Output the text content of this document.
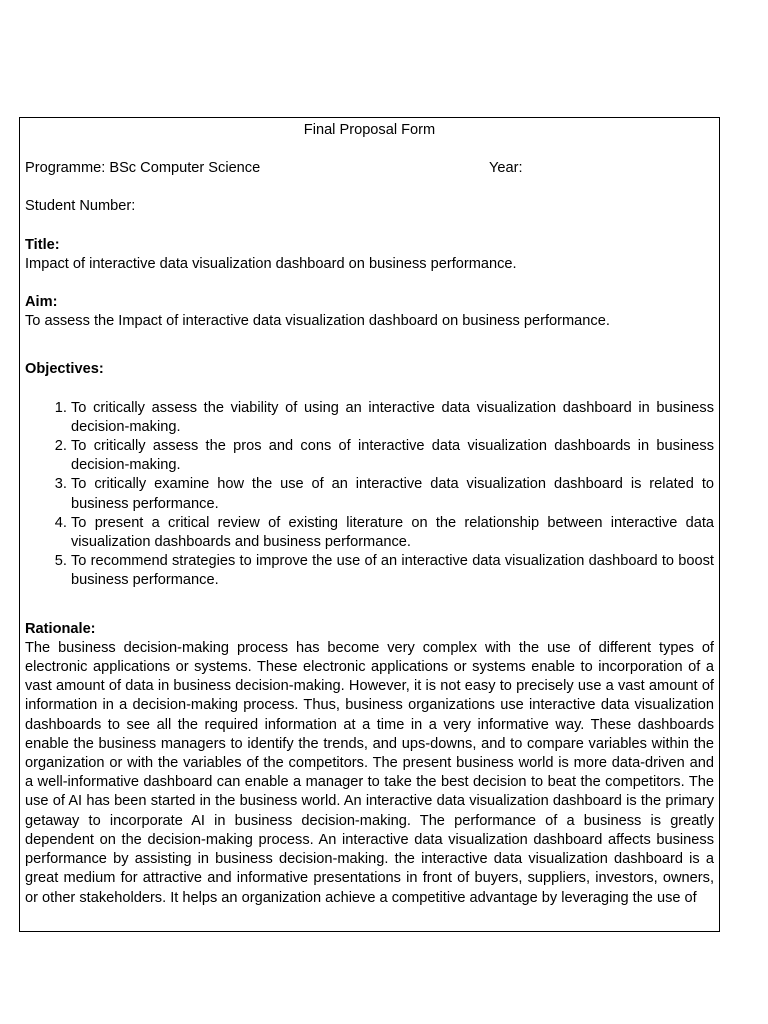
Final Proposal Form
Programme: BSc Computer Science	Year:
Student Number:
Title:
Impact of interactive data visualization dashboard on business performance.
Aim:
To assess the Impact of interactive data visualization dashboard on business performance.
Objectives:
1. To critically assess the viability of using an interactive data visualization dashboard in business decision-making.
2. To critically assess the pros and cons of interactive data visualization dashboards in business decision-making.
3. To critically examine how the use of an interactive data visualization dashboard is related to business performance.
4. To present a critical review of existing literature on the relationship between interactive data visualization dashboards and business performance.
5. To recommend strategies to improve the use of an interactive data visualization dashboard to boost business performance.
Rationale:

The business decision-making process has become very complex with the use of different types of electronic applications or systems. These electronic applications or systems enable to incorporation of a vast amount of data in business decision-making. However, it is not easy to precisely use a vast amount of information in a decision-making process. Thus, business organizations use interactive data visualization dashboards to see all the required information at a time in a very informative way. These dashboards enable the business managers to identify the trends, and ups-downs, and to compare variables within the organization or with the variables of the competitors. The present business world is more data-driven and a well-informative dashboard can enable a manager to take the best decision to beat the competitors. The use of AI has been started in the business world. An interactive data visualization dashboard is the primary getaway to incorporate AI in business decision-making. The performance of a business is greatly dependent on the decision-making process. An interactive data visualization dashboard affects business performance by assisting in business decision-making. the interactive data visualization dashboard is a great medium for attractive and informative presentations in front of buyers, suppliers, investors, owners, or other stakeholders. It helps an organization achieve a competitive advantage by leveraging the use of
